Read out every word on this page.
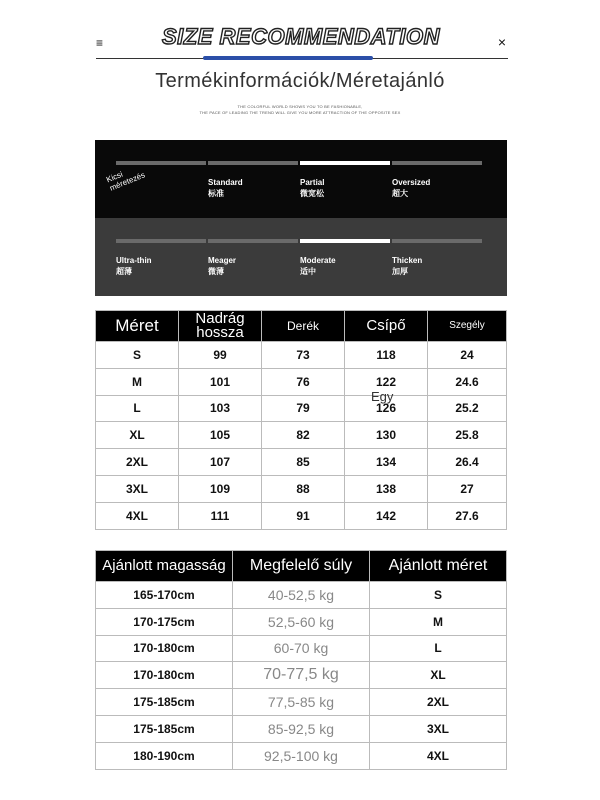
≡	SIZE RECOMMENDATION	×
Termékinformációk/Méretajánló
THE COLORFUL WORLD SHOWS YOU TO BE FASHIONABLE,
THE PACE OF LEADING THE TREND WILL GIVE YOU MORE ATTRACTION OF THE OPPOSITE SEX
Kicsi
méretezés	Standard
标准
Partial
微宽松
Oversized
超大
Ultra-thin
超薄
Meager
微薄
Moderate
适中
Thicken
加厚
Méret	Nadrág hossza	Derék	Csípő	Szegély
S	99	73	118	24
M	101	76	122	24.6
L	103	79	126	25.2
XL	105	82	130	25.8
2XL	107	85	134	26.4
3XL	109	88	138	27
4XL	111	91	142	27.6
Egy
Ajánlott magasság	Megfelelő súly	Ajánlott méret
165-170cm	40-52,5 kg	S
170-175cm	52,5-60 kg	M
170-180cm	60-70 kg	L
170-180cm	70-77,5 kg	XL
175-185cm	77,5-85 kg	2XL
175-185cm	85-92,5 kg	3XL
180-190cm	92,5-100 kg	4XL
